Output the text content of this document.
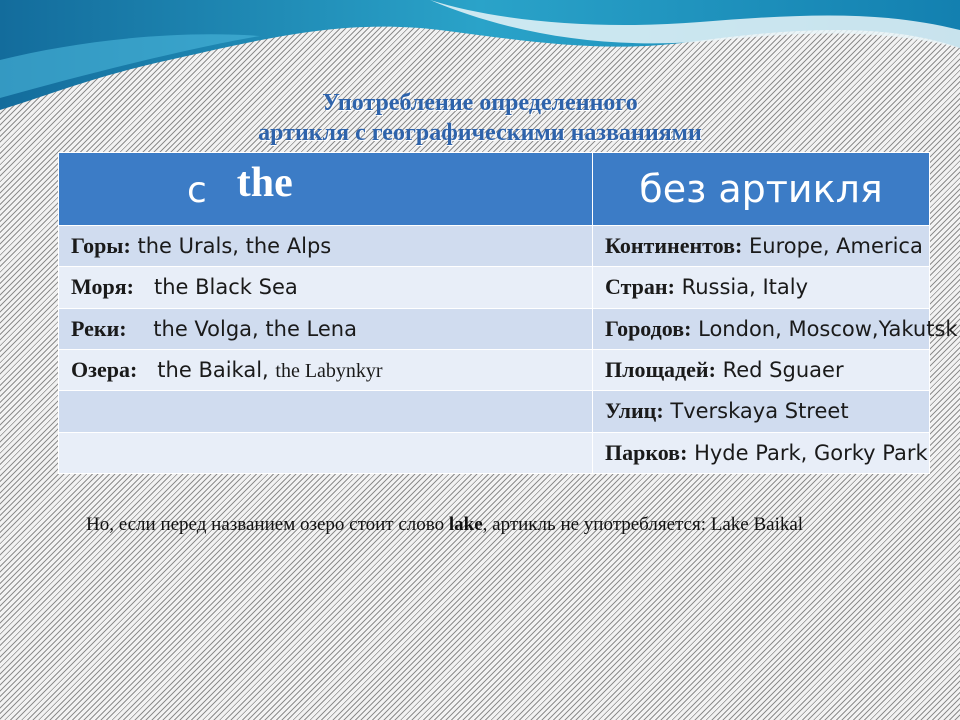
Употребление определенного
артикля с географическими названиями
с the	без артикля
Горы: the Urals, the Alps	Континентов: Europe, America
Моря:   the Black Sea	Стран: Russia, Italy
Реки:    the Volga, the Lena	Городов: London, Moscow,Yakutsk
Озера:   the Baikal, the Labynkyr	Площадей: Red Sguaer
	Улиц: Tverskaya Street
	Парков: Hyde Park, Gorky Park
Но, если перед названием озеро стоит слово lake, артикль не употребляется: Lake Baikal
